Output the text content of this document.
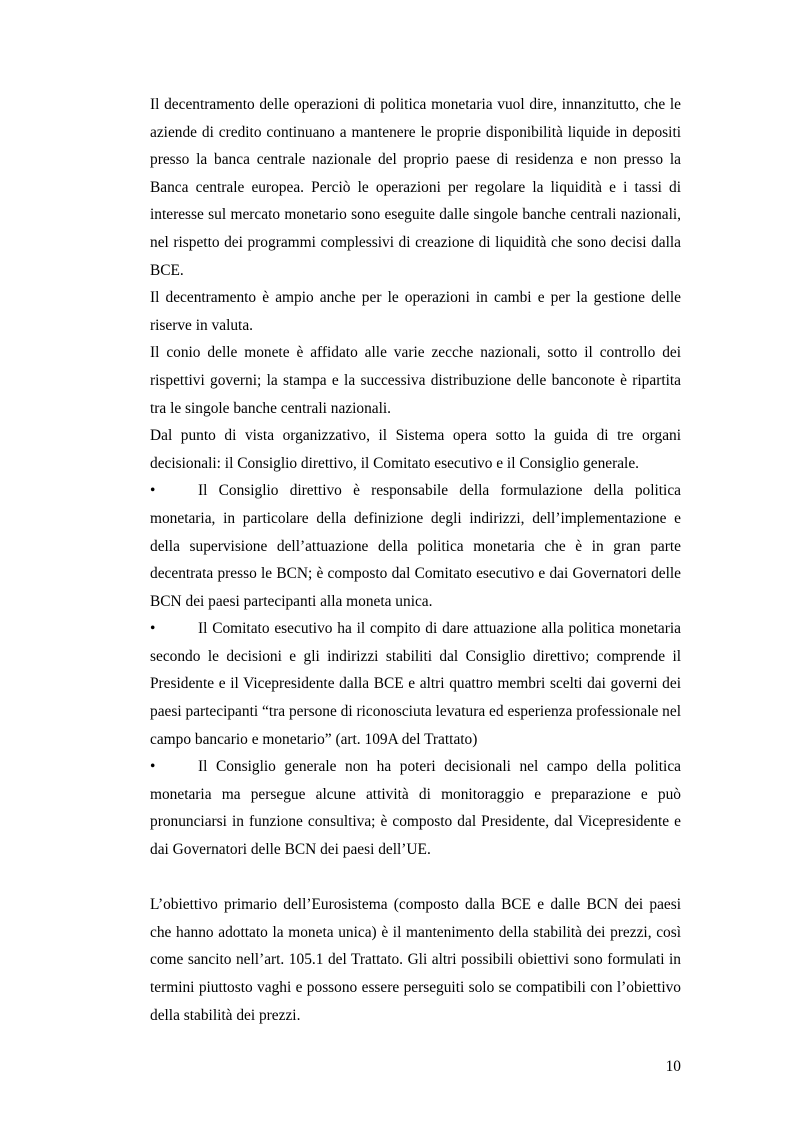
Il decentramento delle operazioni di politica monetaria vuol dire, innanzitutto, che le aziende di credito continuano a mantenere le proprie disponibilità liquide in depositi presso la banca centrale nazionale del proprio paese di residenza e non presso la Banca centrale europea. Perciò le operazioni per regolare la liquidità e i tassi di interesse sul mercato monetario sono eseguite dalle singole banche centrali nazionali, nel rispetto dei programmi complessivi di creazione di liquidità che sono decisi dalla BCE.

Il decentramento è ampio anche per le operazioni in cambi e per la gestione delle riserve in valuta.

Il conio delle monete è affidato alle varie zecche nazionali, sotto il controllo dei rispettivi governi; la stampa e la successiva distribuzione delle banconote è ripartita tra le singole banche centrali nazionali.

Dal punto di vista organizzativo, il Sistema opera sotto la guida di tre organi decisionali: il Consiglio direttivo, il Comitato esecutivo e il Consiglio generale.

•	Il Consiglio direttivo è responsabile della formulazione della politica monetaria, in particolare della definizione degli indirizzi, dell’implementazione e della supervisione dell’attuazione della politica monetaria che è in gran parte decentrata presso le BCN; è composto dal Comitato esecutivo e dai Governatori delle BCN dei paesi partecipanti alla moneta unica.
•	Il Comitato esecutivo ha il compito di dare attuazione alla politica monetaria secondo le decisioni e gli indirizzi stabiliti dal Consiglio direttivo; comprende il Presidente e il Vicepresidente dalla BCE e altri quattro membri scelti dai governi dei paesi partecipanti “tra persone di riconosciuta levatura ed esperienza professionale nel campo bancario e monetario” (art. 109A del Trattato)
•	Il Consiglio generale non ha poteri decisionali nel campo della politica monetaria ma persegue alcune attività di monitoraggio e preparazione e può pronunciarsi in funzione consultiva; è composto dal Presidente, dal Vicepresidente e dai Governatori delle BCN dei paesi dell’UE.

L’obiettivo primario dell’Eurosistema (composto dalla BCE e dalle BCN dei paesi che hanno adottato la moneta unica) è il mantenimento della stabilità dei prezzi, così come sancito nell’art. 105.1 del Trattato. Gli altri possibili obiettivi sono formulati in termini piuttosto vaghi e possono essere perseguiti solo se compatibili con l’obiettivo della stabilità dei prezzi.

10
